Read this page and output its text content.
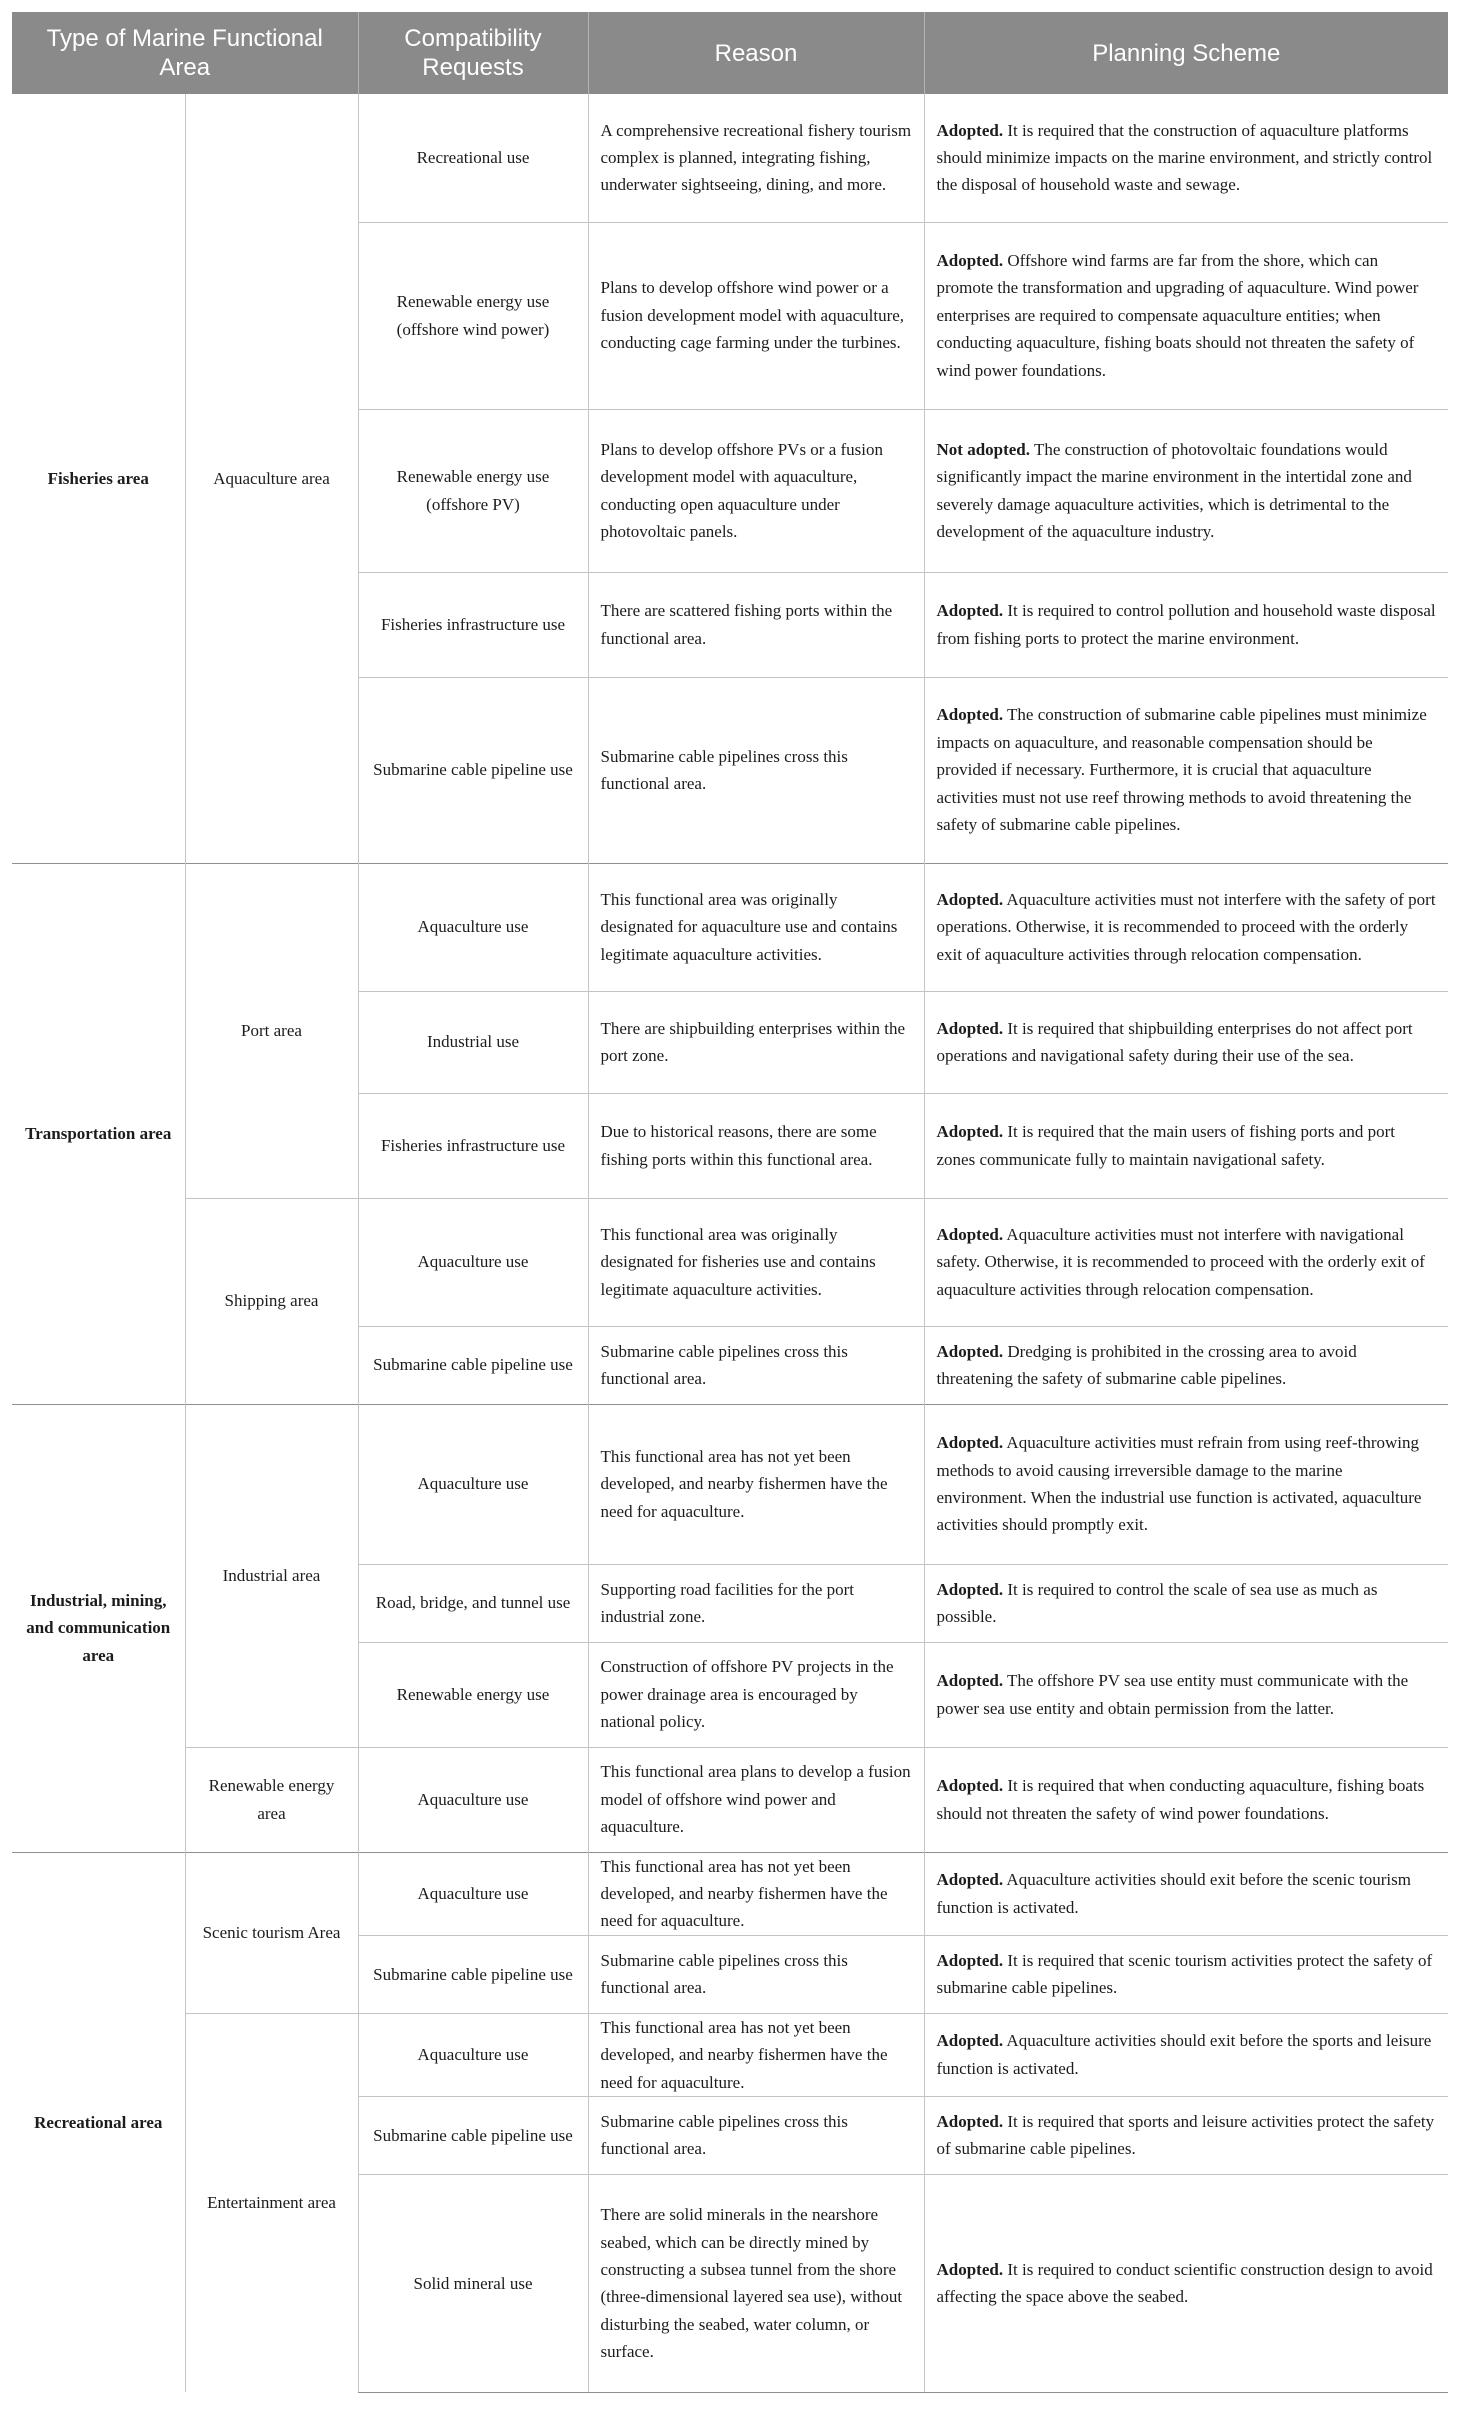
Type of Marine Functional Area		Compatibility Requests	Reason	Planning Scheme
Fisheries area	Aquaculture area	Recreational use	A comprehensive recreational fishery tourism complex is planned, integrating fishing, underwater sightseeing, dining, and more.	Adopted. It is required that the construction of aquaculture platforms should minimize impacts on the marine environment, and strictly control the disposal of household waste and sewage.
		Renewable energy use (offshore wind power)	Plans to develop offshore wind power or a fusion development model with aquaculture, conducting cage farming under the turbines.	Adopted. Offshore wind farms are far from the shore, which can promote the transformation and upgrading of aquaculture. Wind power enterprises are required to compensate aquaculture entities; when conducting aquaculture, fishing boats should not threaten the safety of wind power foundations.
		Renewable energy use (offshore PV)	Plans to develop offshore PVs or a fusion development model with aquaculture, conducting open aquaculture under photovoltaic panels.	Not adopted. The construction of photovoltaic foundations would significantly impact the marine environment in the intertidal zone and severely damage aquaculture activities, which is detrimental to the development of the aquaculture industry.
		Fisheries infrastructure use	There are scattered fishing ports within the functional area.	Adopted. It is required to control pollution and household waste disposal from fishing ports to protect the marine environment.
		Submarine cable pipeline use	Submarine cable pipelines cross this functional area.	Adopted. The construction of submarine cable pipelines must minimize impacts on aquaculture, and reasonable compensation should be provided if necessary. Furthermore, it is crucial that aquaculture activities must not use reef throwing methods to avoid threatening the safety of submarine cable pipelines.
Transportation area	Port area	Aquaculture use	This functional area was originally designated for aquaculture use and contains legitimate aquaculture activities.	Adopted. Aquaculture activities must not interfere with the safety of port operations. Otherwise, it is recommended to proceed with the orderly exit of aquaculture activities through relocation compensation.
		Industrial use	There are shipbuilding enterprises within the port zone.	Adopted. It is required that shipbuilding enterprises do not affect port operations and navigational safety during their use of the sea.
		Fisheries infrastructure use	Due to historical reasons, there are some fishing ports within this functional area.	Adopted. It is required that the main users of fishing ports and port zones communicate fully to maintain navigational safety.
	Shipping area	Aquaculture use	This functional area was originally designated for fisheries use and contains legitimate aquaculture activities.	Adopted. Aquaculture activities must not interfere with navigational safety. Otherwise, it is recommended to proceed with the orderly exit of aquaculture activities through relocation compensation.
		Submarine cable pipeline use	Submarine cable pipelines cross this functional area.	Adopted. Dredging is prohibited in the crossing area to avoid threatening the safety of submarine cable pipelines.
Industrial, mining, and communication area	Industrial area	Aquaculture use	This functional area has not yet been developed, and nearby fishermen have the need for aquaculture.	Adopted. Aquaculture activities must refrain from using reef-throwing methods to avoid causing irreversible damage to the marine environment. When the industrial use function is activated, aquaculture activities should promptly exit.
		Road, bridge, and tunnel use	Supporting road facilities for the port industrial zone.	Adopted. It is required to control the scale of sea use as much as possible.
		Renewable energy use	Construction of offshore PV projects in the power drainage area is encouraged by national policy.	Adopted. The offshore PV sea use entity must communicate with the power sea use entity and obtain permission from the latter.
	Renewable energy area	Aquaculture use	This functional area plans to develop a fusion model of offshore wind power and aquaculture.	Adopted. It is required that when conducting aquaculture, fishing boats should not threaten the safety of wind power foundations.
Recreational area	Scenic tourism Area	Aquaculture use	This functional area has not yet been developed, and nearby fishermen have the need for aquaculture.	Adopted. Aquaculture activities should exit before the scenic tourism function is activated.
		Submarine cable pipeline use	Submarine cable pipelines cross this functional area.	Adopted. It is required that scenic tourism activities protect the safety of submarine cable pipelines.
	Entertainment area	Aquaculture use	This functional area has not yet been developed, and nearby fishermen have the need for aquaculture.	Adopted. Aquaculture activities should exit before the sports and leisure function is activated.
		Submarine cable pipeline use	Submarine cable pipelines cross this functional area.	Adopted. It is required that sports and leisure activities protect the safety of submarine cable pipelines.
		Solid mineral use	There are solid minerals in the nearshore seabed, which can be directly mined by constructing a subsea tunnel from the shore (three-dimensional layered sea use), without disturbing the seabed, water column, or surface.	Adopted. It is required to conduct scientific construction design to avoid affecting the space above the seabed.
